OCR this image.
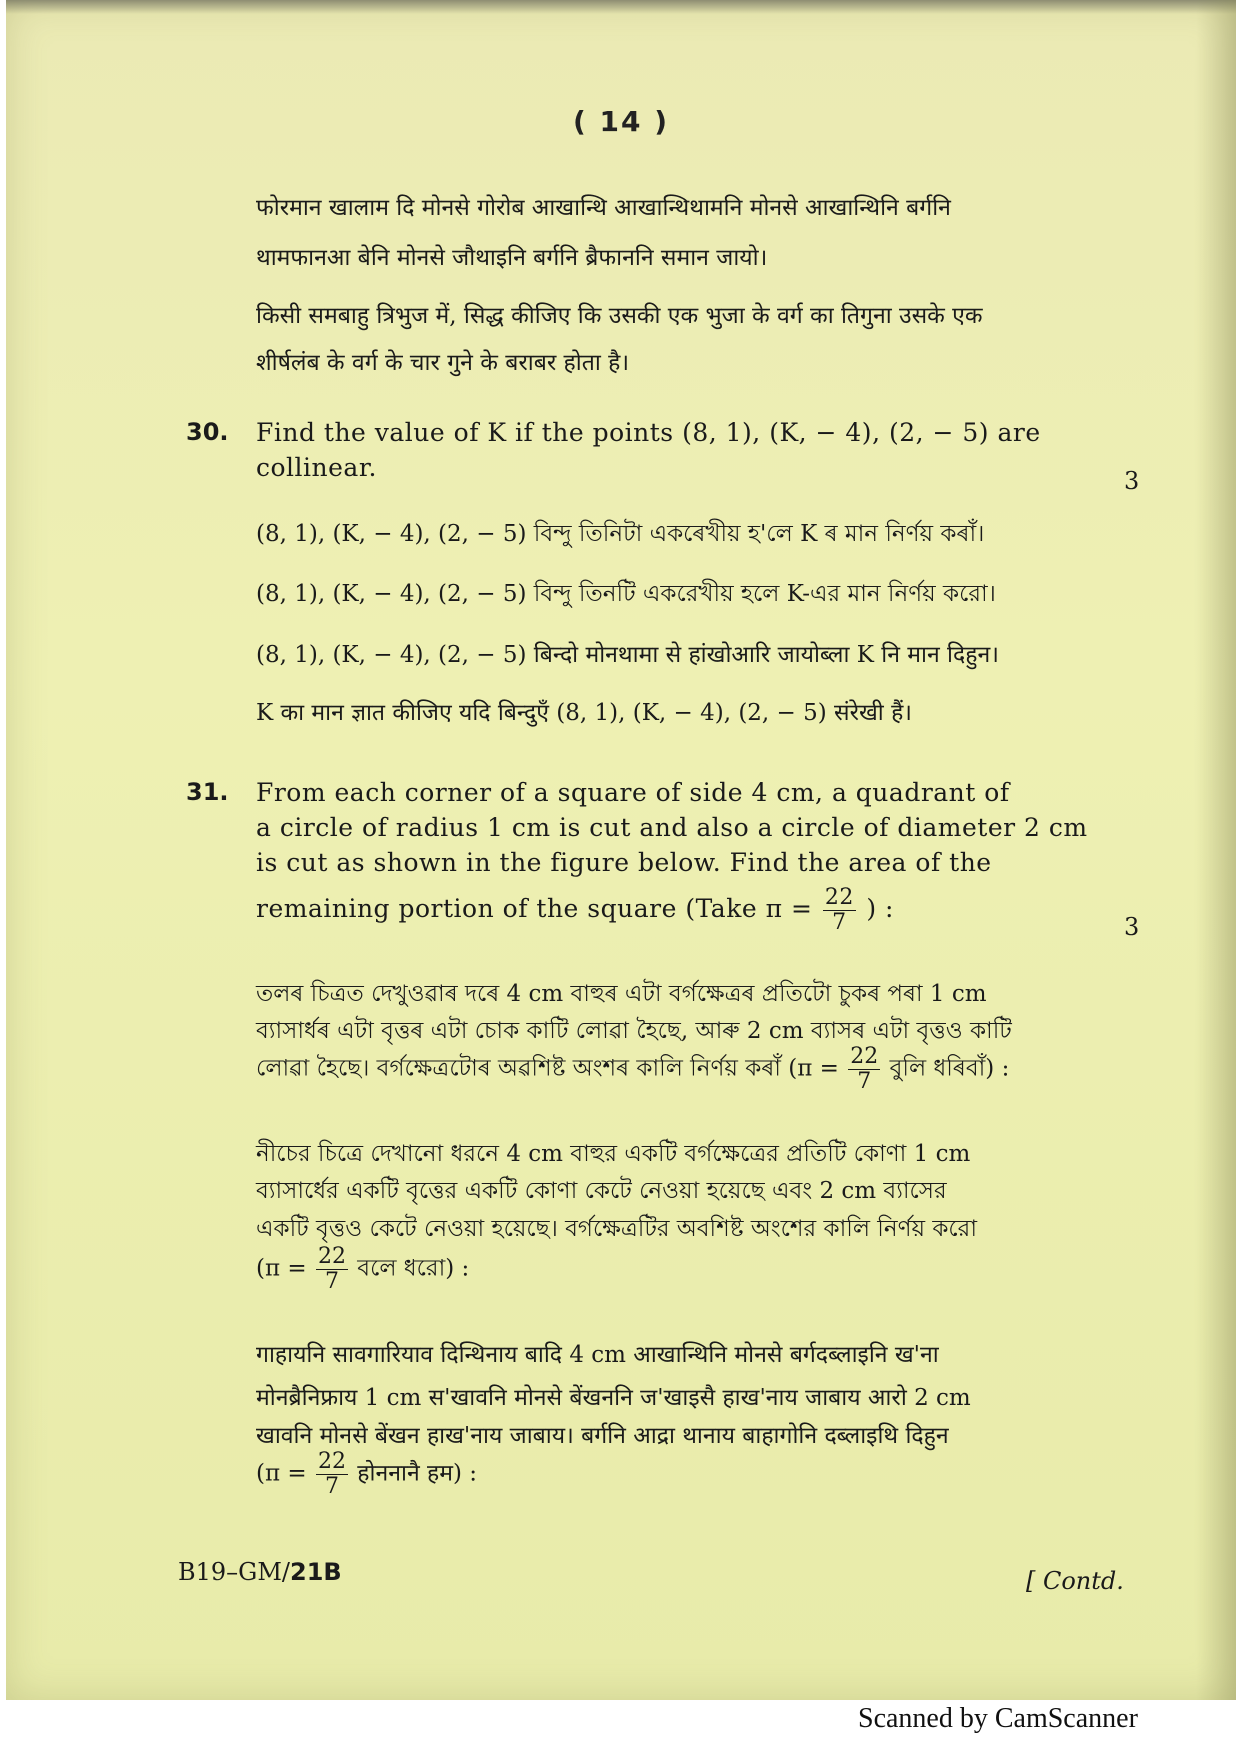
( 14 )
फोरमान खालाम दि मोनसे गोरोब आखान्थि आखान्थिथामनि मोनसे आखान्थिनि बर्गनि
थामफानआ बेनि मोनसे जौथाइनि बर्गनि ब्रैफाननि समान जायो।
किसी समबाहु त्रिभुज में, सिद्ध कीजिए कि उसकी एक भुजा के वर्ग का तिगुना उसके एक
शीर्षलंब के वर्ग के चार गुने के बराबर होता है।
30. Find the value of K if the points (8, 1), (K, − 4), (2, − 5) are
collinear.	3
(8, 1), (K, − 4), (2, − 5) বিন্দু তিনিটা একৰেখীয় হ'লে K ৰ মান নিৰ্ণয় কৰাঁ।
(8, 1), (K, − 4), (2, − 5) বিন্দু তিনটি একরেখীয় হলে K-এর মান নির্ণয় করো।
(8, 1), (K, − 4), (2, − 5) बिन्दो मोनथामा से हांखोआरि जायोब्ला K नि मान दिहुन।
K का मान ज्ञात कीजिए यदि बिन्दुएँ (8, 1), (K, − 4), (2, − 5) संरेखी हैं।
31. From each corner of a square of side 4 cm, a quadrant of
a circle of radius 1 cm is cut and also a circle of diameter 2 cm
is cut as shown in the figure below. Find the area of the
remaining portion of the square (Take $\pi = \frac{22}{7}$ ) :
3
তলৰ চিত্ৰত দেখুওৱাৰ দৰে 4 cm বাহুৰ এটা বৰ্গক্ষেত্ৰৰ প্ৰতিটো চুকৰ পৰা 1 cm
ব্যাসাৰ্ধৰ এটা বৃত্তৰ এটা চোক কাটি লোৱা হৈছে, আৰু 2 cm ব্যাসৰ এটা বৃত্তও কাটি
লোৱা হৈছে। বৰ্গক্ষেত্ৰটোৰ অৱশিষ্ট অংশৰ কালি নিৰ্ণয় কৰাঁ ($\pi = \frac{22}{7}$ বুলি ধৰিবাঁ) :
নীচের চিত্রে দেখানো ধরনে 4 cm বাহুর একটি বর্গক্ষেত্রের প্রতিটি কোণা 1 cm
ব্যাসার্ধের একটি বৃত্তের একটি কোণা কেটে নেওয়া হয়েছে এবং 2 cm ব্যাসের
একটি বৃত্তও কেটে নেওয়া হয়েছে। বর্গক্ষেত্রটির অবশিষ্ট অংশের কালি নির্ণয় করো
($\pi = \frac{22}{7}$ বলে ধরো) :
गाहायनि सावगारियाव दिन्थिनाय बादि 4 cm आखान्थिनि मोनसे बर्गदब्लाइनि ख'ना
मोनब्रैनिफ्राय 1 cm स'खावनि मोनसे बेंखननि ज'खाइसै हाख'नाय जाबाय आरो 2 cm
खावनि मोनसे बेंखन हाख'नाय जाबाय। बर्गनि आद्रा थानाय बाहागोनि दब्लाइथि दिहुन
($\pi = \frac{22}{7}$ होननानै हम) :
B19–GM/21B	[ Contd.
Scanned by CamScanner
